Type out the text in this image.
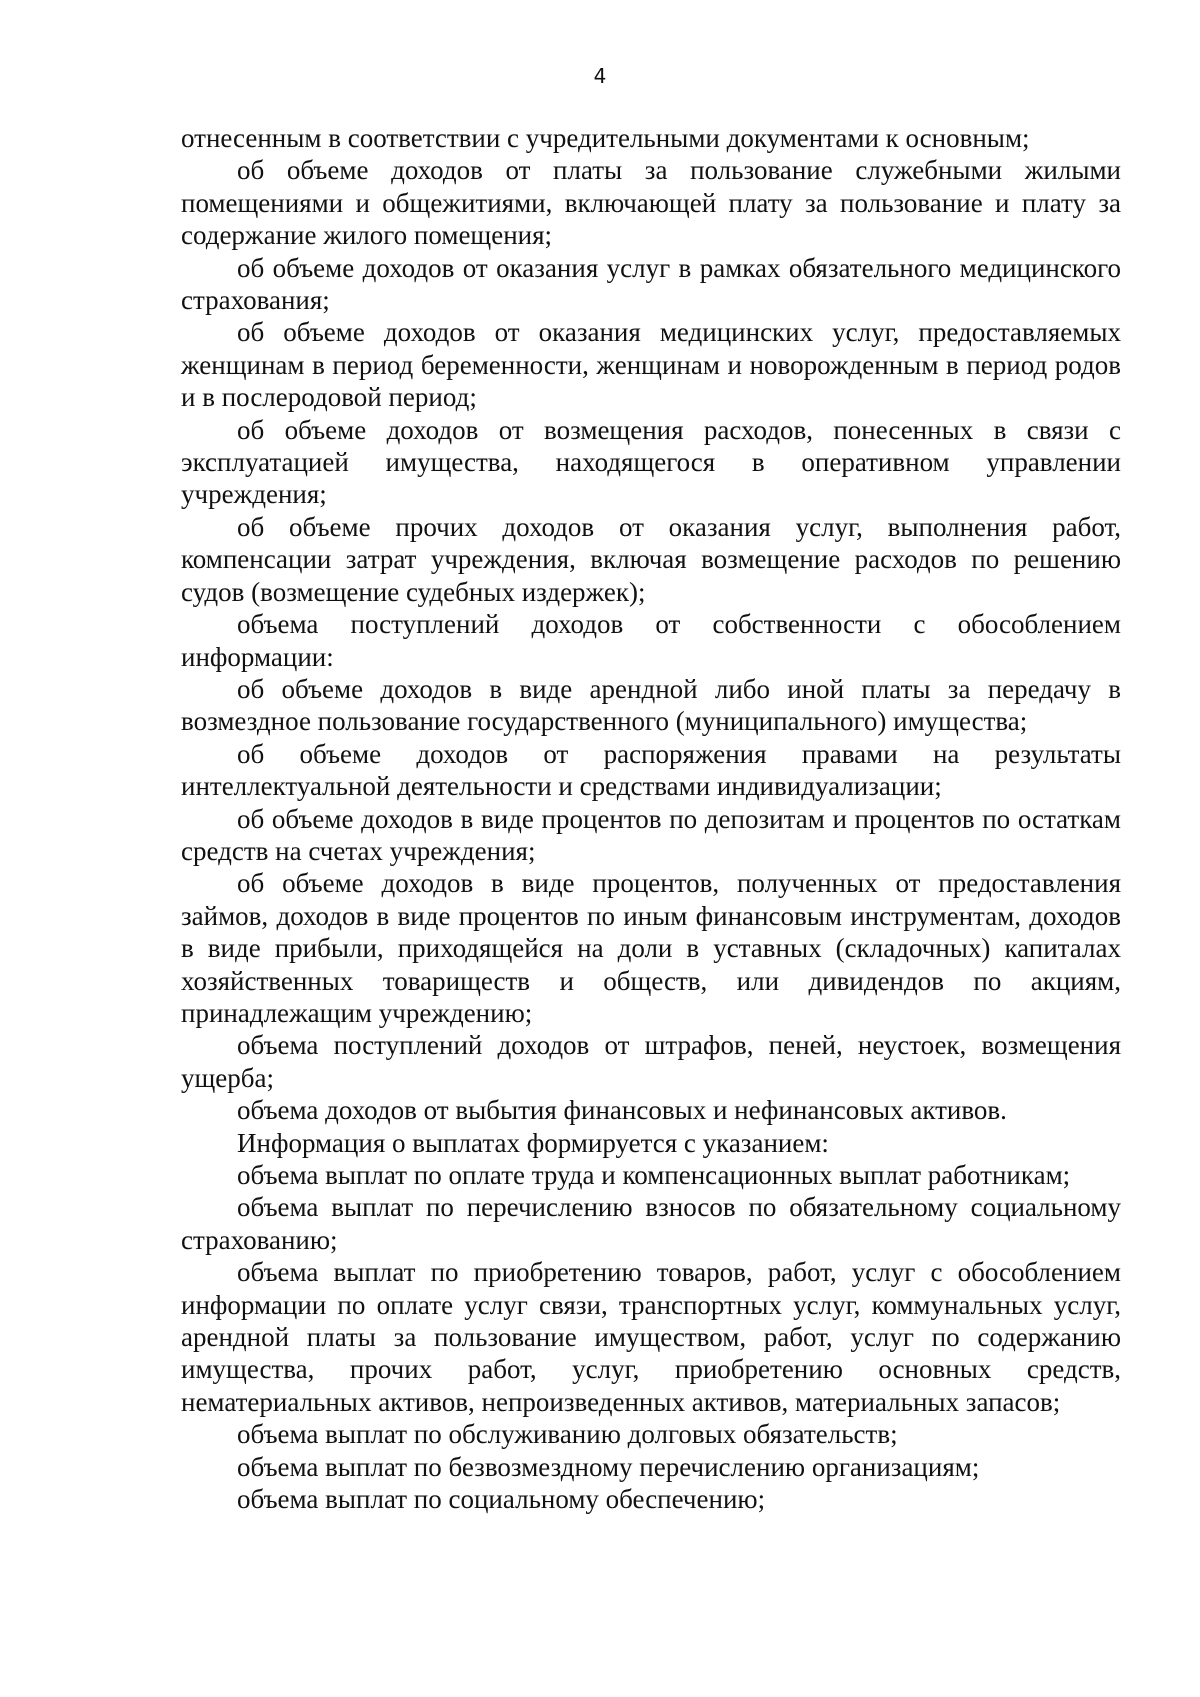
4

отнесенным в соответствии с учредительными документами к основным;

об объеме доходов от платы за пользование служебными жилыми помещениями и общежитиями, включающей плату за пользование и плату за содержание жилого помещения;

об объеме доходов от оказания услуг в рамках обязательного медицинского страхования;

об объеме доходов от оказания медицинских услуг, предоставляемых женщинам в период беременности, женщинам и новорожденным в период родов и в послеродовой период;

об объеме доходов от возмещения расходов, понесенных в связи с эксплуатацией имущества, находящегося в оперативном управлении учреждения;

об объеме прочих доходов от оказания услуг, выполнения работ, компенсации затрат учреждения, включая возмещение расходов по решению судов (возмещение судебных издержек);

объема поступлений доходов от собственности с обособлением информации:

об объеме доходов в виде арендной либо иной платы за передачу в возмездное пользование государственного (муниципального) имущества;

об объеме доходов от распоряжения правами на результаты интеллектуальной деятельности и средствами индивидуализации;

об объеме доходов в виде процентов по депозитам и процентов по остаткам средств на счетах учреждения;

об объеме доходов в виде процентов, полученных от предоставления займов, доходов в виде процентов по иным финансовым инструментам, доходов в виде прибыли, приходящейся на доли в уставных (складочных) капиталах хозяйственных товариществ и обществ, или дивидендов по акциям, принадлежащим учреждению;

объема поступлений доходов от штрафов, пеней, неустоек, возмещения ущерба;

объема доходов от выбытия финансовых и нефинансовых активов.

Информация о выплатах формируется с указанием:

объема выплат по оплате труда и компенсационных выплат работникам;

объема выплат по перечислению взносов по обязательному социальному страхованию;

объема выплат по приобретению товаров, работ, услуг с обособлением информации по оплате услуг связи, транспортных услуг, коммунальных услуг, арендной платы за пользование имуществом, работ, услуг по содержанию имущества, прочих работ, услуг, приобретению основных средств, нематериальных активов, непроизведенных активов, материальных запасов;

объема выплат по обслуживанию долговых обязательств;

объема выплат по безвозмездному перечислению организациям;

объема выплат по социальному обеспечению;
